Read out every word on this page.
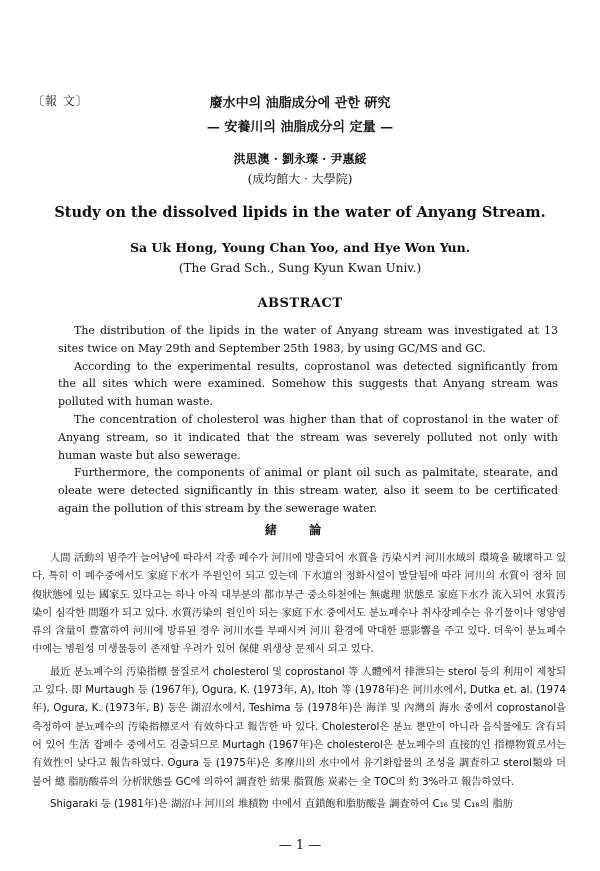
〔報 文〕	廢水中의 油脂成分에 관한 硏究
— 安養川의 油脂成分의 定量 —
洪思澳 · 劉永璨 · 尹惠綏
(成均館大 · 大學院)
Study on the dissolved lipids in the water of Anyang Stream.
Sa Uk Hong, Young Chan Yoo, and Hye Won Yun.
(The Grad Sch., Sung Kyun Kwan Univ.)
ABSTRACT

The distribution of the lipids in the water of Anyang stream was investigated at 13 sites twice on May 29th and September 25th 1983, by using GC/MS and GC.

According to the experimental results, coprostanol was detected significantly from the all sites which were examined. Somehow this suggests that Anyang stream was polluted with human waste.

The concentration of cholesterol was higher than that of coprostanol in the water of Anyang stream, so it indicated that the stream was severely polluted not only with human waste but also sewerage.

Furthermore, the components of animal or plant oil such as palmitate, stearate, and oleate were detected significantly in this stream water, also it seem to be certificated again the pollution of this stream by the sewerage water.

緒 論

人間 活動의 범주가 늘어남에 따라서 각종 폐수가 河川에 방출되어 水質을 汚染시켜 河川水域의 環境을 破壞하고 있다. 특히 이 폐수중에서도 家庭下水가 주원인이 되고 있는데 下水道의 정화시설이 발달됨에 따라 河川의 水質이 점차 回復狀態에 있는 國家도 있다고는 하나 아직 대부분의 都市부근 중소하천에는 無處理 狀態로 家庭下水가 流入되어 水質汚染이 심각한 問題가 되고 있다. 水質汚染의 원인이 되는 家庭下水 중에서도 분뇨폐수나 취사장폐수는 유기물이나 영양염류의 含量이 豊富하여 河川에 방류된 경우 河川水를 부패시켜 河川 환경에 막대한 惡影響을 주고 있다. 더욱이 분뇨폐수 中에는 병원성 미생물등이 존재할 우려가 있어 保健 위생상 문제시 되고 있다.

最近 분뇨폐수의 汚染指標 물질로서 cholesterol 및 coprostanol 等 人體에서 排泄되는 sterol 등의 利用이 제창되고 있다. 即 Murtaugh 등 (1967年), Ogura, K. (1973年, A), Itoh 等 (1978年)은 河川水에서, Dutka et. al. (1974年), Ogura, K. (1973年, B) 등은 湖沼水에서, Teshima 등 (1978年)은 海洋 및 內灣의 海水 중에서 coprostanol을 측정하여 분뇨폐수의 汚染指標로서 有效하다고 報告한 바 있다. Cholesterol은 분뇨 뿐만이 아니라 음식물에도 含有되어 있어 生活 잡폐수 중에서도 검출되므로 Murtagh (1967年)은 cholesterol은 분뇨폐수의 直接的인 指標物質로서는 有效性이 낮다고 報告하였다. Ogura 등 (1975年)은 多摩川의 水中에서 유기화합물의 조성을 調査하고 sterol類와 더불어 總 脂肪酸류의 分析狀態를 GC에 의하여 調査한 結果 脂質態 炭素는 全 TOC의 約 3%라고 報告하였다.

Shigaraki 등 (1981年)은 湖沼나 河川의 堆積物 中에서 直鎖飽和脂肪酸을 調査하여 C₁₆ 및 C₁₈의 脂肪

— 1 —
